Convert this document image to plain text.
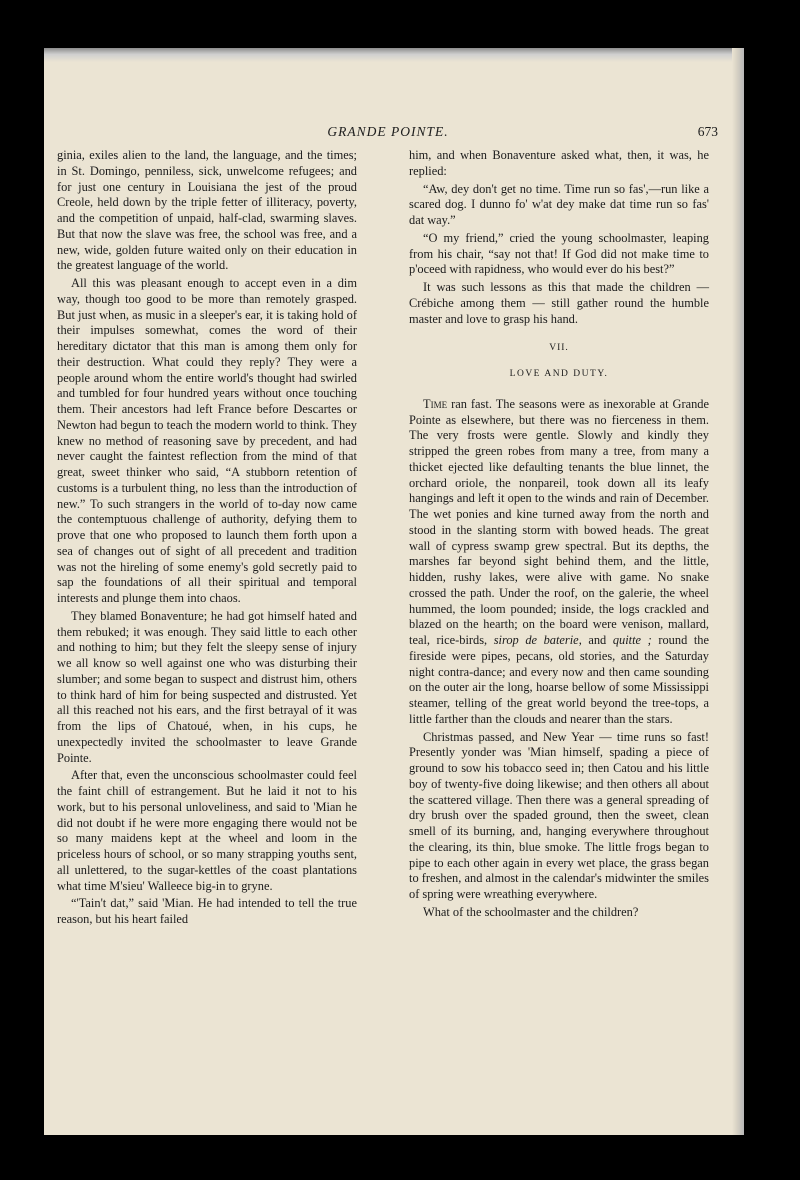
GRANDE POINTE.	673

ginia, exiles alien to the land, the language, and the times; in St. Domingo, penniless, sick, unwelcome refugees; and for just one century in Louisiana the jest of the proud Creole, held down by the triple fetter of illiteracy, poverty, and the competition of unpaid, half-clad, swarming slaves. But that now the slave was free, the school was free, and a new, wide, golden future waited only on their education in the greatest language of the world.

All this was pleasant enough to accept even in a dim way, though too good to be more than remotely grasped. But just when, as music in a sleeper's ear, it is taking hold of their impulses somewhat, comes the word of their hereditary dictator that this man is among them only for their destruction. What could they reply? They were a people around whom the entire world's thought had swirled and tumbled for four hundred years without once touching them. Their ancestors had left France before Descartes or Newton had begun to teach the modern world to think. They knew no method of reasoning save by precedent, and had never caught the faintest reflection from the mind of that great, sweet thinker who said, “A stubborn retention of customs is a turbulent thing, no less than the introduction of new.” To such strangers in the world of to-day now came the contemptuous challenge of authority, defying them to prove that one who proposed to launch them forth upon a sea of changes out of sight of all precedent and tradition was not the hireling of some enemy's gold secretly paid to sap the foundations of all their spiritual and temporal interests and plunge them into chaos.

They blamed Bonaventure; he had got himself hated and them rebuked; it was enough. They said little to each other and nothing to him; but they felt the sleepy sense of injury we all know so well against one who was disturbing their slumber; and some began to suspect and distrust him, others to think hard of him for being suspected and distrusted. Yet all this reached not his ears, and the first betrayal of it was from the lips of Chatoué, when, in his cups, he unexpectedly invited the schoolmaster to leave Grande Pointe.

After that, even the unconscious schoolmaster could feel the faint chill of estrangement. But he laid it not to his work, but to his personal unloveliness, and said to 'Mian he did not doubt if he were more engaging there would not be so many maidens kept at the wheel and loom in the priceless hours of school, or so many strapping youths sent, all unlettered, to the sugar-kettles of the coast plantations what time M'sieu' Walleece big-in to gryne.

“'Tain't dat,” said 'Mian. He had intended to tell the true reason, but his heart failed

him, and when Bonaventure asked what, then, it was, he replied:

“Aw, dey don't get no time. Time run so fas',—run like a scared dog. I dunno fo' w'at dey make dat time run so fas' dat way.”

“O my friend,” cried the young schoolmaster, leaping from his chair, “say not that! If God did not make time to p'oceed with rapidness, who would ever do his best?”

It was such lessons as this that made the children — Crébiche among them — still gather round the humble master and love to grasp his hand.

VII.
LOVE AND DUTY.

Time ran fast. The seasons were as inexorable at Grande Pointe as elsewhere, but there was no fierceness in them. The very frosts were gentle. Slowly and kindly they stripped the green robes from many a tree, from many a thicket ejected like defaulting tenants the blue linnet, the orchard oriole, the nonpareil, took down all its leafy hangings and left it open to the winds and rain of December. The wet ponies and kine turned away from the north and stood in the slanting storm with bowed heads. The great wall of cypress swamp grew spectral. But its depths, the marshes far beyond sight behind them, and the little, hidden, rushy lakes, were alive with game. No snake crossed the path. Under the roof, on the galerie, the wheel hummed, the loom pounded; inside, the logs crackled and blazed on the hearth; on the board were venison, mallard, teal, rice-birds, sirop de baterie, and quitte ; round the fireside were pipes, pecans, old stories, and the Saturday night contra-dance; and every now and then came sounding on the outer air the long, hoarse bellow of some Mississippi steamer, telling of the great world beyond the tree-tops, a little farther than the clouds and nearer than the stars.

Christmas passed, and New Year — time runs so fast! Presently yonder was 'Mian himself, spading a piece of ground to sow his tobacco seed in; then Catou and his little boy of twenty-five doing likewise; and then others all about the scattered village. Then there was a general spreading of dry brush over the spaded ground, then the sweet, clean smell of its burning, and, hanging everywhere throughout the clearing, its thin, blue smoke. The little frogs began to pipe to each other again in every wet place, the grass began to freshen, and almost in the calendar's midwinter the smiles of spring were wreathing everywhere.

What of the schoolmaster and the children?
